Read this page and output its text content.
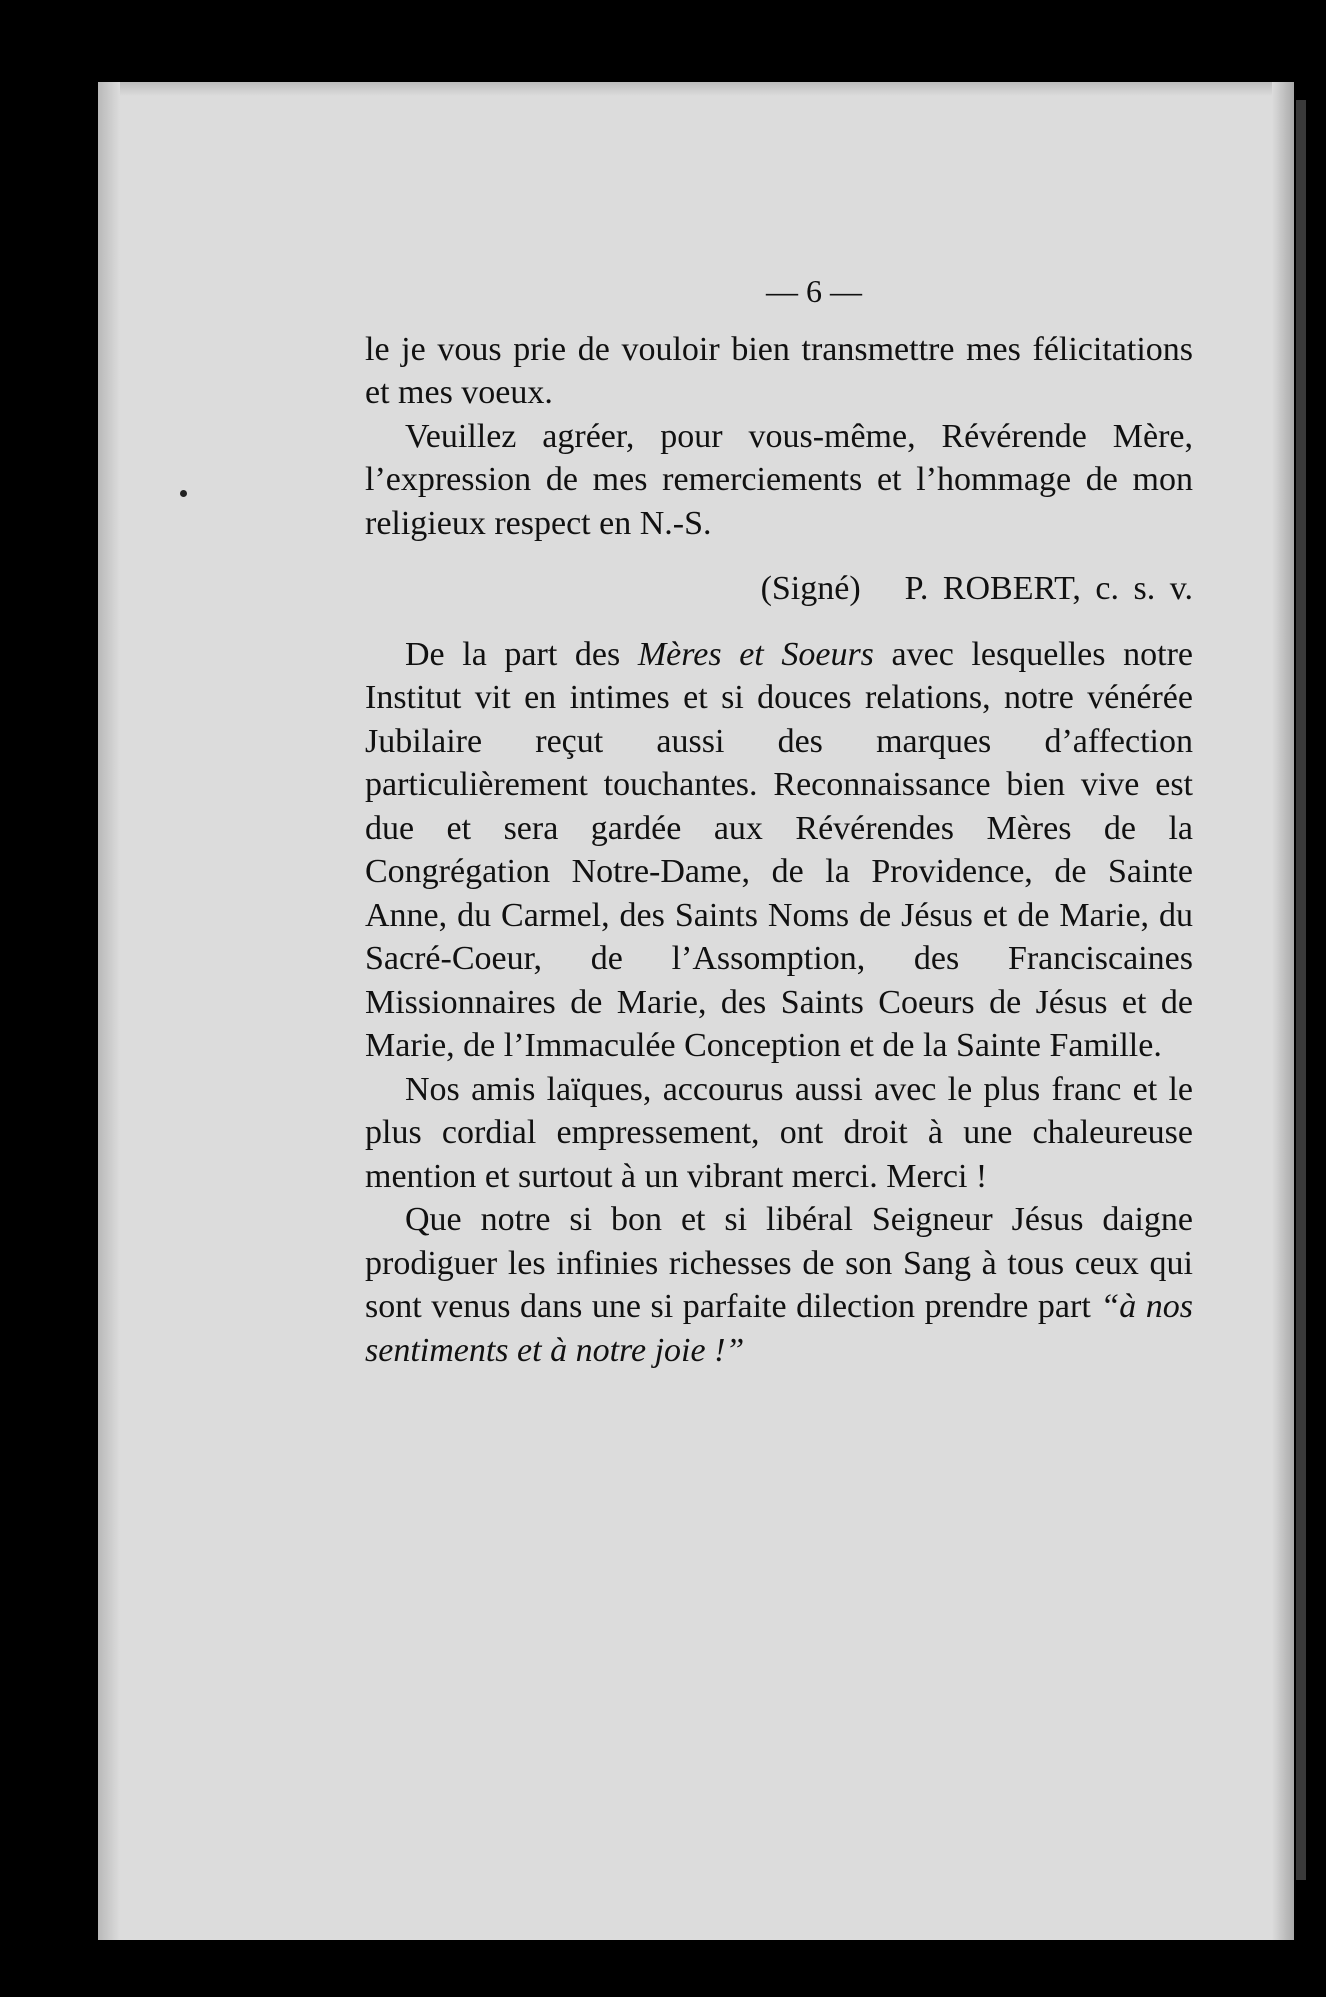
— 6 —

le je vous prie de vouloir bien transmettre mes félicitations et mes voeux.

Veuillez agréer, pour vous-même, Révérende Mère, l’expression de mes remerciements et l’hommage de mon religieux respect en N.-S.

(Signé) P. ROBERT, c. s. v.

De la part des Mères et Soeurs avec lesquelles notre Institut vit en intimes et si douces relations, notre vénérée Jubilaire reçut aussi des marques d’affection particulièrement touchantes. Reconnaissance bien vive est due et sera gardée aux Révérendes Mères de la Congrégation Notre-Dame, de la Providence, de Sainte Anne, du Carmel, des Saints Noms de Jésus et de Marie, du Sacré-Coeur, de l’Assomption, des Franciscaines Missionnaires de Marie, des Saints Coeurs de Jésus et de Marie, de l’Immaculée Conception et de la Sainte Famille.

Nos amis laïques, accourus aussi avec le plus franc et le plus cordial empressement, ont droit à une chaleureuse mention et surtout à un vibrant merci. Merci !

Que notre si bon et si libéral Seigneur Jésus daigne prodiguer les infinies richesses de son Sang à tous ceux qui sont venus dans une si parfaite dilection prendre part “à nos sentiments et à notre joie !”
